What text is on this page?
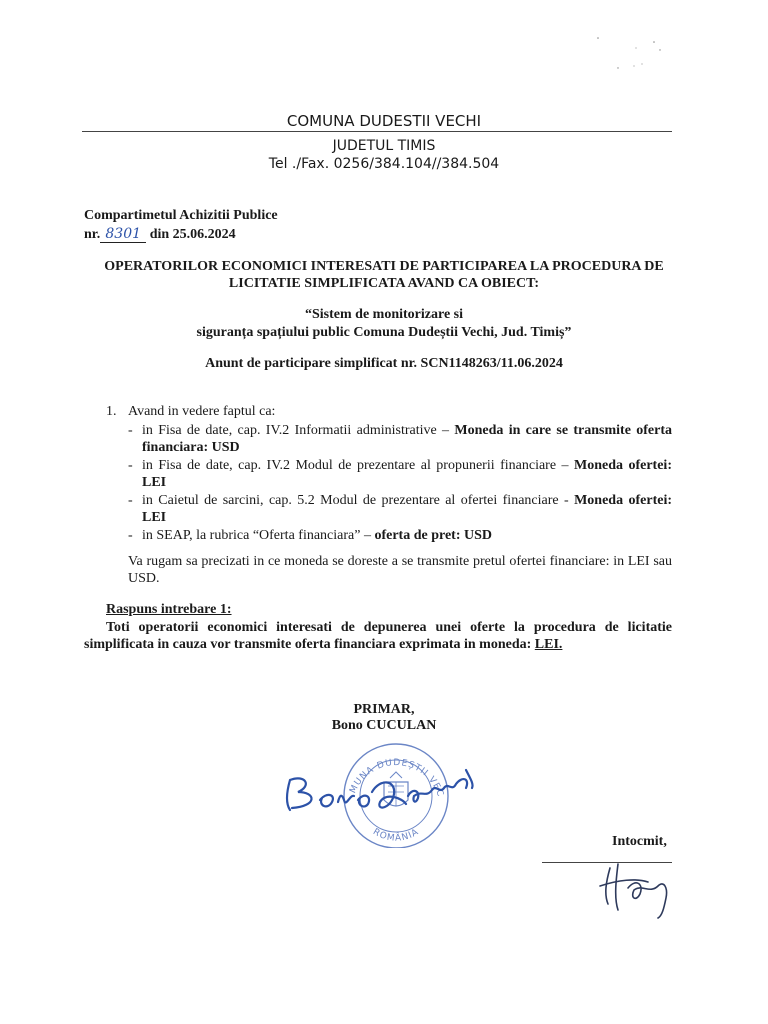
COMUNA DUDESTII VECHI
JUDETUL TIMIS
Tel ./Fax. 0256/384.104//384.504
Compartimetul Achizitii Publice
nr. 8301 din 25.06.2024
OPERATORILOR ECONOMICI INTERESATI DE PARTICIPAREA LA PROCEDURA DE LICITATIE SIMPLIFICATA AVAND CA OBIECT:
“Sistem de monitorizare si
siguranța spațiului public Comuna Dudeștii Vechi, Jud. Timiș”
Anunt de participare simplificat nr. SCN1148263/11.06.2024
1. Avand in vedere faptul ca:
- in Fisa de date, cap. IV.2 Informatii administrative – Moneda in care se transmite oferta financiara: USD
- in Fisa de date, cap. IV.2 Modul de prezentare al propunerii financiare – Moneda ofertei: LEI
- in Caietul de sarcini, cap. 5.2 Modul de prezentare al ofertei financiare - Moneda ofertei: LEI
- in SEAP, la rubrica “Oferta financiara” – oferta de pret: USD
Va rugam sa precizati in ce moneda se doreste a se transmite pretul ofertei financiare: in LEI sau USD.
Raspuns intrebare 1:
Toti operatorii economici interesati de depunerea unei oferte la procedura de licitatie simplificata in cauza vor transmite oferta financiara exprimata in moneda: LEI.
PRIMAR,
Bono CUCULAN
MUNA DUDEȘTII VEC
ROMÂNIA
Intocmit,
